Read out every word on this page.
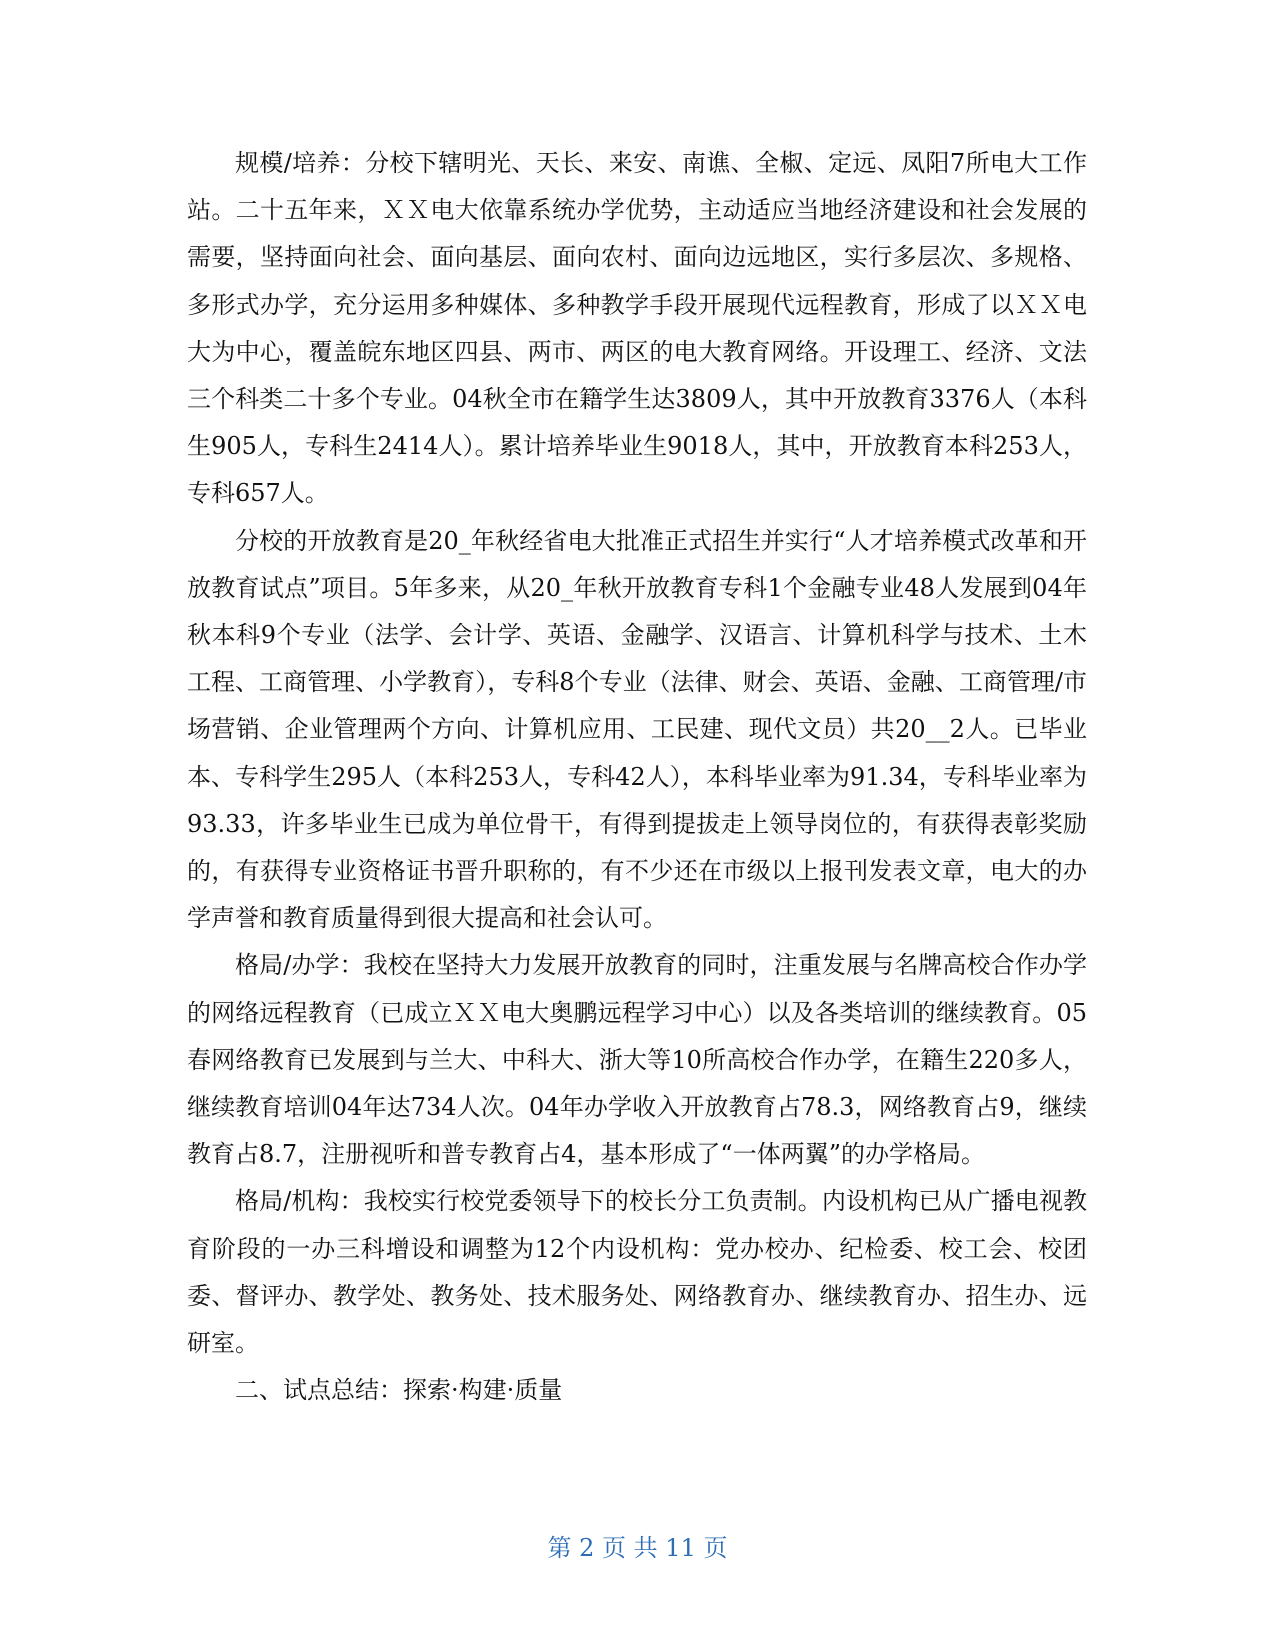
规模/培养：分校下辖明光、天长、来安、南谯、全椒、定远、凤阳7所电大工作站。二十五年来，ＸＸ电大依靠系统办学优势，主动适应当地经济建设和社会发展的需要，坚持面向社会、面向基层、面向农村、面向边远地区，实行多层次、多规格、多形式办学，充分运用多种媒体、多种教学手段开展现代远程教育，形成了以ＸＸ电大为中心，覆盖皖东地区四县、两市、两区的电大教育网络。开设理工、经济、文法三个科类二十多个专业。04秋全市在籍学生达3809人，其中开放教育3376人（本科生905人，专科生2414人）。累计培养毕业生9018人，其中，开放教育本科253人，专科657人。

分校的开放教育是20_年秋经省电大批准正式招生并实行“人才培养模式改革和开放教育试点”项目。5年多来，从20_年秋开放教育专科1个金融专业48人发展到04年秋本科9个专业（法学、会计学、英语、金融学、汉语言、计算机科学与技术、土木工程、工商管理、小学教育），专科8个专业（法律、财会、英语、金融、工商管理/市场营销、企业管理两个方向、计算机应用、工民建、现代文员）共20__2人。已毕业本、专科学生295人（本科253人，专科42人），本科毕业率为91.34，专科毕业率为93.33，许多毕业生已成为单位骨干，有得到提拔走上领导岗位的，有获得表彰奖励的，有获得专业资格证书晋升职称的，有不少还在市级以上报刊发表文章，电大的办学声誉和教育质量得到很大提高和社会认可。

格局/办学：我校在坚持大力发展开放教育的同时，注重发展与名牌高校合作办学的网络远程教育（已成立ＸＸ电大奥鹏远程学习中心）以及各类培训的继续教育。05春网络教育已发展到与兰大、中科大、浙大等10所高校合作办学，在籍生220多人，继续教育培训04年达734人次。04年办学收入开放教育占78.3，网络教育占9，继续教育占8.7，注册视听和普专教育占4，基本形成了“一体两翼”的办学格局。

格局/机构：我校实行校党委领导下的校长分工负责制。内设机构已从广播电视教育阶段的一办三科增设和调整为12个内设机构：党办校办、纪检委、校工会、校团委、督评办、教学处、教务处、技术服务处、网络教育办、继续教育办、招生办、远研室。

二、试点总结：探索·构建·质量

第 2 页 共 11 页
